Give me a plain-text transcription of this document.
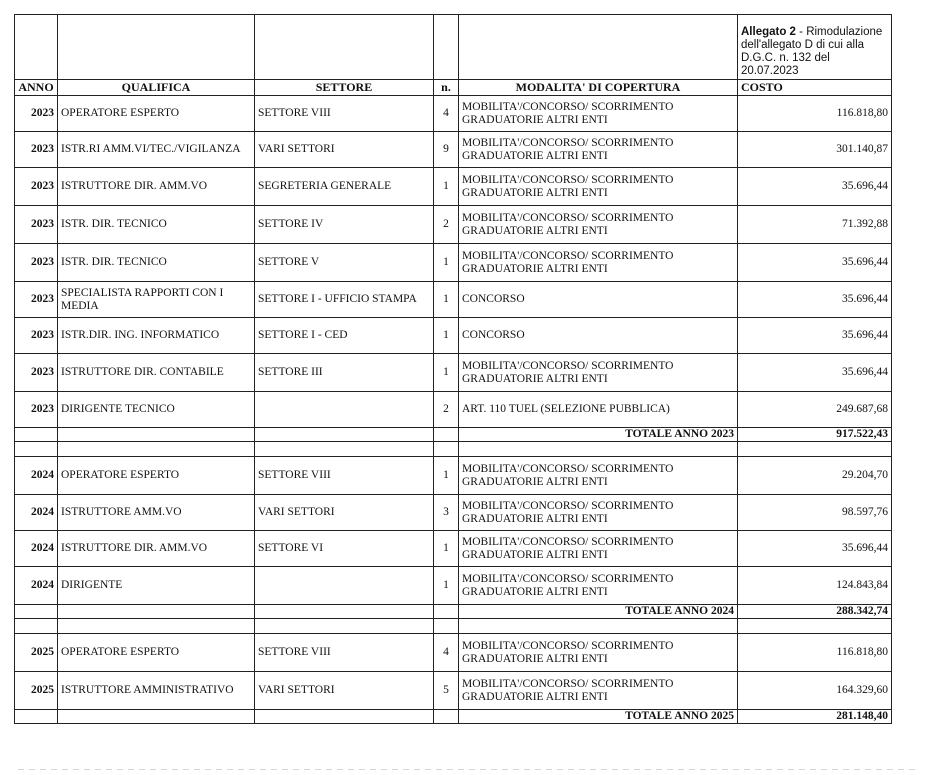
					Allegato 2 - Rimodulazione dell'allegato D di cui alla D.G.C. n. 132 del 20.07.2023
ANNO	QUALIFICA	SETTORE	n.	MODALITA' DI COPERTURA	COSTO
2023	OPERATORE ESPERTO	SETTORE VIII	4	MOBILITA'/CONCORSO/ SCORRIMENTO GRADUATORIE ALTRI ENTI	116.818,80
2023	ISTR.RI AMM.VI/TEC./VIGILANZA	VARI SETTORI	9	MOBILITA'/CONCORSO/ SCORRIMENTO GRADUATORIE ALTRI ENTI	301.140,87
2023	ISTRUTTORE DIR. AMM.VO	SEGRETERIA GENERALE	1	MOBILITA'/CONCORSO/ SCORRIMENTO GRADUATORIE ALTRI ENTI	35.696,44
2023	ISTR. DIR. TECNICO	SETTORE IV	2	MOBILITA'/CONCORSO/ SCORRIMENTO GRADUATORIE ALTRI ENTI	71.392,88
2023	ISTR. DIR. TECNICO	SETTORE V	1	MOBILITA'/CONCORSO/ SCORRIMENTO GRADUATORIE ALTRI ENTI	35.696,44
2023	SPECIALISTA RAPPORTI CON I MEDIA	SETTORE I - UFFICIO STAMPA	1	CONCORSO	35.696,44
2023	ISTR.DIR. ING. INFORMATICO	SETTORE I - CED	1	CONCORSO	35.696,44
2023	ISTRUTTORE DIR. CONTABILE	SETTORE III	1	MOBILITA'/CONCORSO/ SCORRIMENTO GRADUATORIE ALTRI ENTI	35.696,44
2023	DIRIGENTE TECNICO		2	ART. 110 TUEL (SELEZIONE PUBBLICA)	249.687,68
				TOTALE ANNO 2023	917.522,43

2024	OPERATORE ESPERTO	SETTORE VIII	1	MOBILITA'/CONCORSO/ SCORRIMENTO GRADUATORIE ALTRI ENTI	29.204,70
2024	ISTRUTTORE AMM.VO	VARI SETTORI	3	MOBILITA'/CONCORSO/ SCORRIMENTO GRADUATORIE ALTRI ENTI	98.597,76
2024	ISTRUTTORE DIR. AMM.VO	SETTORE VI	1	MOBILITA'/CONCORSO/ SCORRIMENTO GRADUATORIE ALTRI ENTI	35.696,44
2024	DIRIGENTE		1	MOBILITA'/CONCORSO/ SCORRIMENTO GRADUATORIE ALTRI ENTI	124.843,84
				TOTALE ANNO 2024	288.342,74

2025	OPERATORE ESPERTO	SETTORE VIII	4	MOBILITA'/CONCORSO/ SCORRIMENTO GRADUATORIE ALTRI ENTI	116.818,80
2025	ISTRUTTORE AMMINISTRATIVO	VARI SETTORI	5	MOBILITA'/CONCORSO/ SCORRIMENTO GRADUATORIE ALTRI ENTI	164.329,60
				TOTALE ANNO 2025	281.148,40
